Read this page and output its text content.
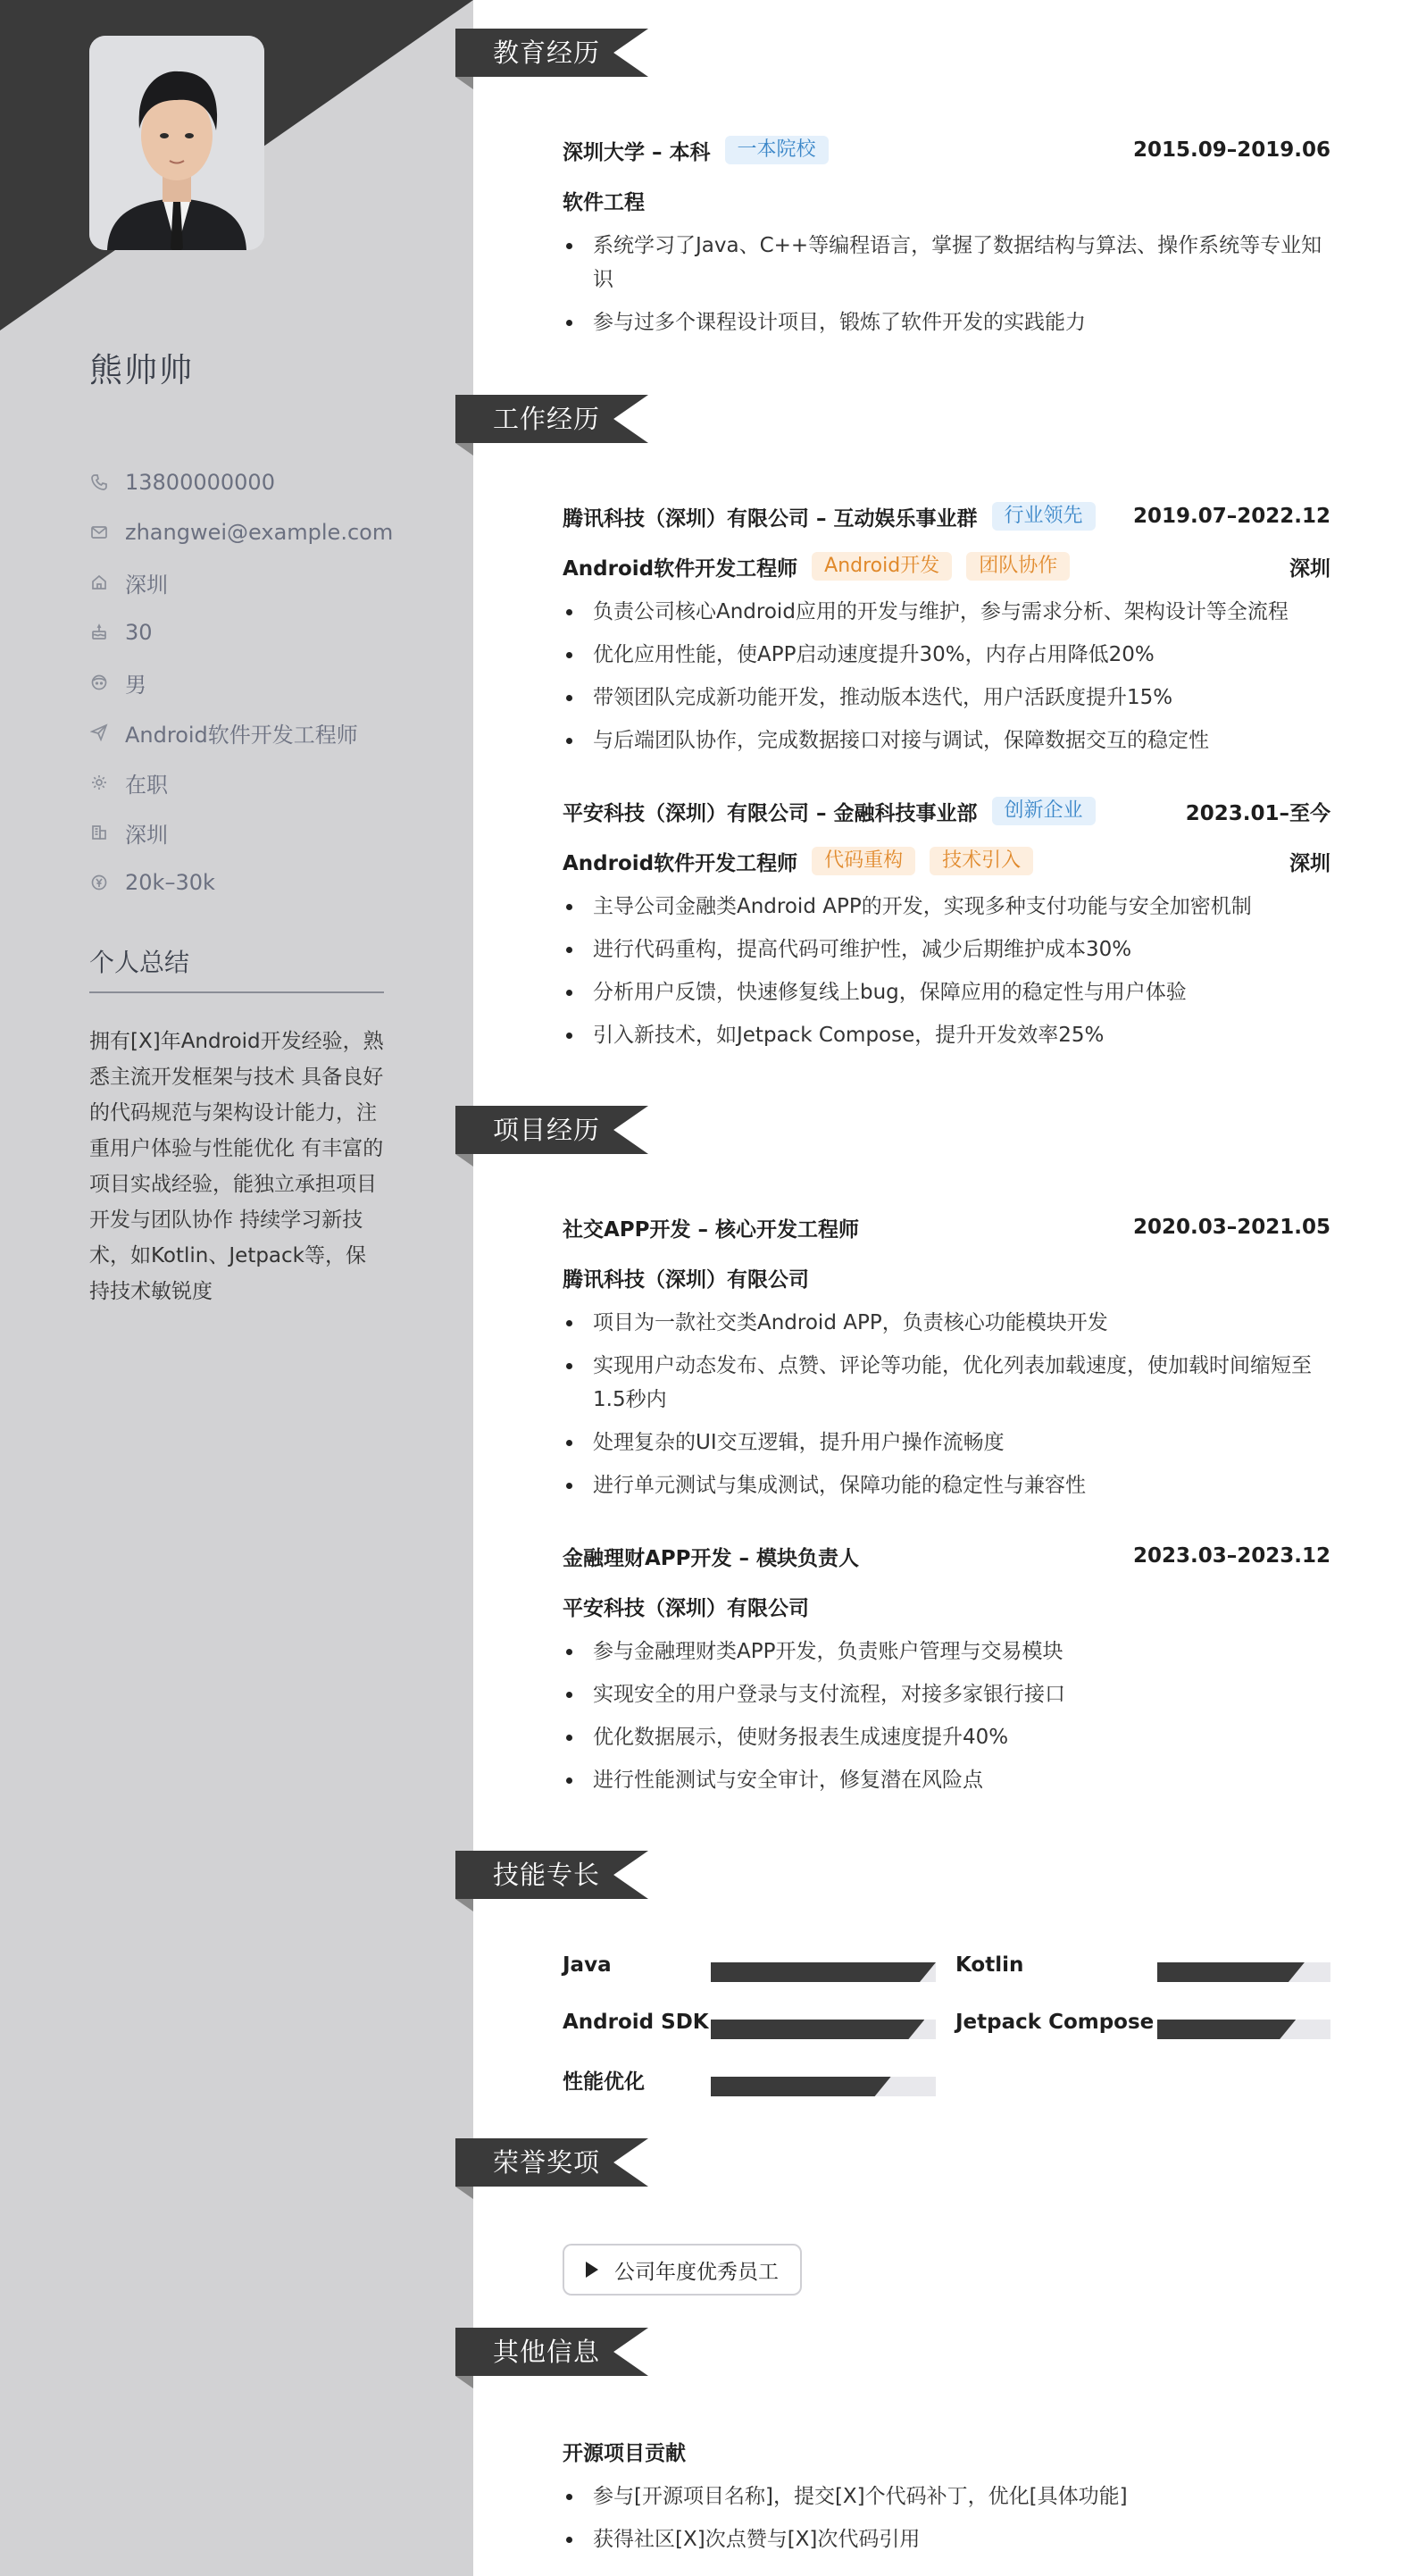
熊帅帅
13800000000
zhangwei@example.com
深圳
30
男
Android软件开发工程师
在职
深圳
20k–30k
个人总结
拥有[X]年Android开发经验，熟悉主流开发框架与技术 具备良好的代码规范与架构设计能力，注重用户体验与性能优化 有丰富的项目实战经验，能独立承担项目开发与团队协作 持续学习新技术，如Kotlin、Jetpack等，保持技术敏锐度
教育经历
深圳大学 – 本科	一本院校	2015.09–2019.06
软件工程
系统学习了Java、C++等编程语言，掌握了数据结构与算法、操作系统等专业知识
参与过多个课程设计项目，锻炼了软件开发的实践能力
工作经历
腾讯科技（深圳）有限公司 – 互动娱乐事业群	行业领先	2019.07–2022.12
Android软件开发工程师	Android开发	团队协作	深圳
负责公司核心Android应用的开发与维护，参与需求分析、架构设计等全流程
优化应用性能，使APP启动速度提升30%，内存占用降低20%
带领团队完成新功能开发，推动版本迭代，用户活跃度提升15%
与后端团队协作，完成数据接口对接与调试，保障数据交互的稳定性
平安科技（深圳）有限公司 – 金融科技事业部	创新企业	2023.01–至今
Android软件开发工程师	代码重构	技术引入	深圳
主导公司金融类Android APP的开发，实现多种支付功能与安全加密机制
进行代码重构，提高代码可维护性，减少后期维护成本30%
分析用户反馈，快速修复线上bug，保障应用的稳定性与用户体验
引入新技术，如Jetpack Compose，提升开发效率25%
项目经历
社交APP开发 – 核心开发工程师	2020.03–2021.05
腾讯科技（深圳）有限公司
项目为一款社交类Android APP，负责核心功能模块开发
实现用户动态发布、点赞、评论等功能，优化列表加载速度，使加载时间缩短至1.5秒内
处理复杂的UI交互逻辑，提升用户操作流畅度
进行单元测试与集成测试，保障功能的稳定性与兼容性
金融理财APP开发 – 模块负责人	2023.03–2023.12
平安科技（深圳）有限公司
参与金融理财类APP开发，负责账户管理与交易模块
实现安全的用户登录与支付流程，对接多家银行接口
优化数据展示，使财务报表生成速度提升40%
进行性能测试与安全审计，修复潜在风险点
技能专长
Java	Kotlin
Android SDK	Jetpack Compose
性能优化
荣誉奖项
公司年度优秀员工
其他信息
开源项目贡献
参与[开源项目名称]，提交[X]个代码补丁，优化[具体功能]
获得社区[X]次点赞与[X]次代码引用
